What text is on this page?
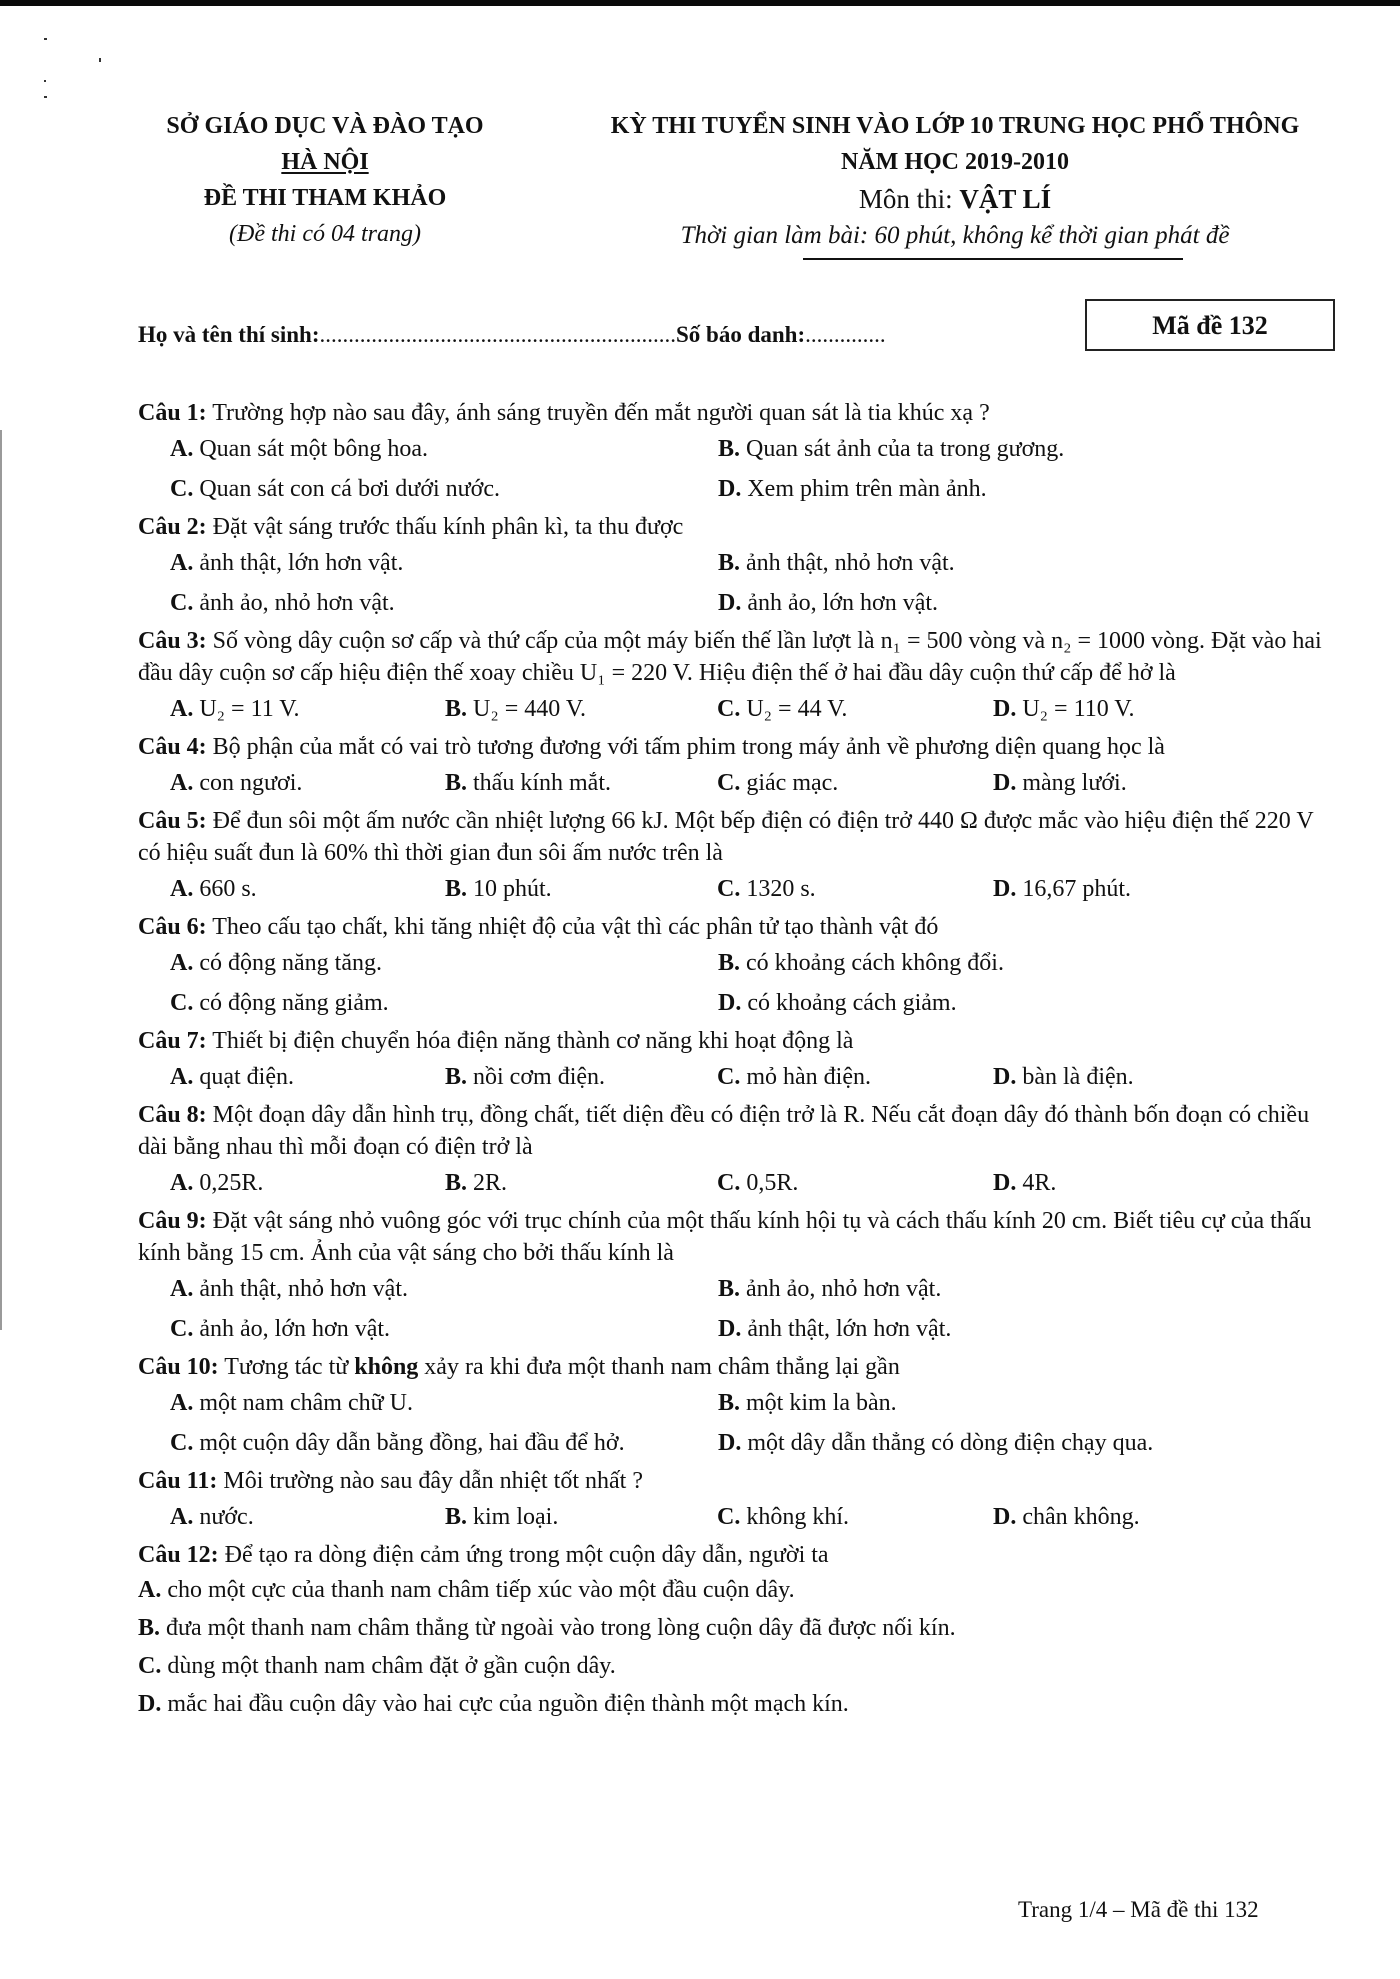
SỞ GIÁO DỤC VÀ ĐÀO TẠO

HÀ NỘI

ĐỀ THI THAM KHẢO

(Đề thi có 04 trang)

KỲ THI TUYỂN SINH VÀO LỚP 10 TRUNG HỌC PHỔ THÔNG

NĂM HỌC 2019-2010

Môn thi: VẬT LÍ

Thời gian làm bài: 60 phút, không kể thời gian phát đề

Họ và tên thí sinh:..............................................................Số báo danh:..............	Mã đề 132

Câu 1: Trường hợp nào sau đây, ánh sáng truyền đến mắt người quan sát là tia khúc xạ ?

A. Quan sát một bông hoa.	B. Quan sát ảnh của ta trong gương.
C. Quan sát con cá bơi dưới nước.	D. Xem phim trên màn ảnh.

Câu 2: Đặt vật sáng trước thấu kính phân kì, ta thu được

A. ảnh thật, lớn hơn vật.	B. ảnh thật, nhỏ hơn vật.
C. ảnh ảo, nhỏ hơn vật.	D. ảnh ảo, lớn hơn vật.

Câu 3: Số vòng dây cuộn sơ cấp và thứ cấp của một máy biến thế lần lượt là n₁ = 500 vòng và n₂ = 1000 vòng. Đặt vào hai đầu dây cuộn sơ cấp hiệu điện thế xoay chiều U₁ = 220 V. Hiệu điện thế ở hai đầu dây cuộn thứ cấp để hở là

A. U₂ = 11 V.	B. U₂ = 440 V.	C. U₂ = 44 V.	D. U₂ = 110 V.

Câu 4: Bộ phận của mắt có vai trò tương đương với tấm phim trong máy ảnh về phương diện quang học là

A. con ngươi.	B. thấu kính mắt.	C. giác mạc.	D. màng lưới.

Câu 5: Để đun sôi một ấm nước cần nhiệt lượng 66 kJ. Một bếp điện có điện trở 440 Ω được mắc vào hiệu điện thế 220 V có hiệu suất đun là 60% thì thời gian đun sôi ấm nước trên là

A. 660 s.	B. 10 phút.	C. 1320 s.	D. 16,67 phút.

Câu 6: Theo cấu tạo chất, khi tăng nhiệt độ của vật thì các phân tử tạo thành vật đó

A. có động năng tăng.	B. có khoảng cách không đổi.
C. có động năng giảm.	D. có khoảng cách giảm.

Câu 7: Thiết bị điện chuyển hóa điện năng thành cơ năng khi hoạt động là

A. quạt điện.	B. nồi cơm điện.	C. mỏ hàn điện.	D. bàn là điện.

Câu 8: Một đoạn dây dẫn hình trụ, đồng chất, tiết diện đều có điện trở là R. Nếu cắt đoạn dây đó thành bốn đoạn có chiều dài bằng nhau thì mỗi đoạn có điện trở là

A. 0,25R.	B. 2R.	C. 0,5R.	D. 4R.

Câu 9: Đặt vật sáng nhỏ vuông góc với trục chính của một thấu kính hội tụ và cách thấu kính 20 cm. Biết tiêu cự của thấu kính bằng 15 cm. Ảnh của vật sáng cho bởi thấu kính là

A. ảnh thật, nhỏ hơn vật.	B. ảnh ảo, nhỏ hơn vật.
C. ảnh ảo, lớn hơn vật.	D. ảnh thật, lớn hơn vật.

Câu 10: Tương tác từ không xảy ra khi đưa một thanh nam châm thẳng lại gần

A. một nam châm chữ U.	B. một kim la bàn.
C. một cuộn dây dẫn bằng đồng, hai đầu để hở.	D. một dây dẫn thẳng có dòng điện chạy qua.

Câu 11: Môi trường nào sau đây dẫn nhiệt tốt nhất ?

A. nước.	B. kim loại.	C. không khí.	D. chân không.

Câu 12: Để tạo ra dòng điện cảm ứng trong một cuộn dây dẫn, người ta

A. cho một cực của thanh nam châm tiếp xúc vào một đầu cuộn dây.
B. đưa một thanh nam châm thẳng từ ngoài vào trong lòng cuộn dây đã được nối kín.
C. dùng một thanh nam châm đặt ở gần cuộn dây.
D. mắc hai đầu cuộn dây vào hai cực của nguồn điện thành một mạch kín.
Trang 1/4 – Mã đề thi 132
